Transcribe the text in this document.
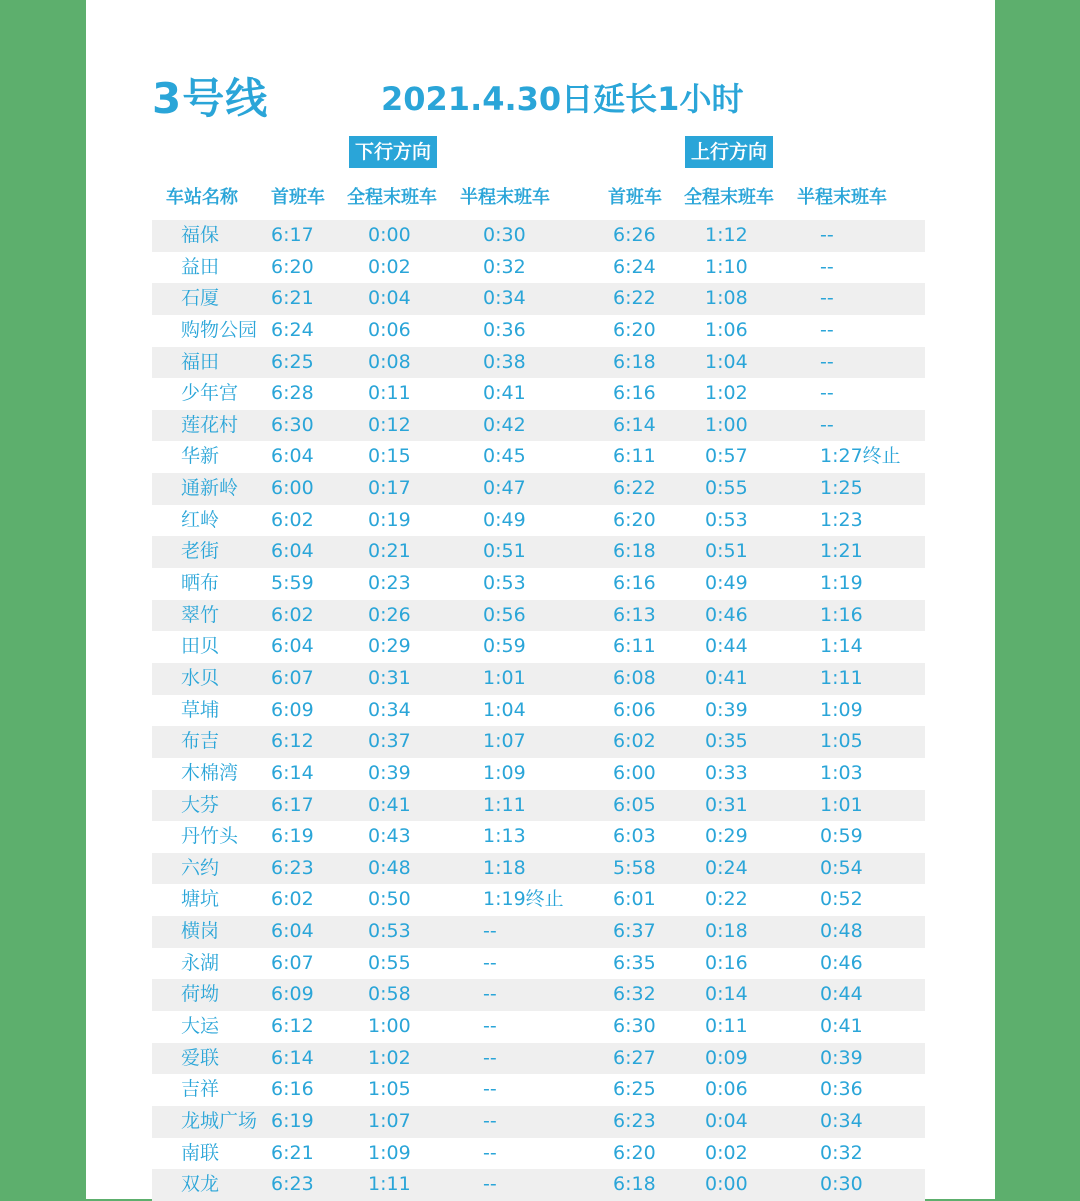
3号线	2021.4.30日延长1小时
下行方向	上行方向
车站名称 首班车 全程末班车 半程末班车	首班车 全程末班车 半程末班车
福保	6:17	0:00	0:30	6:26	1:12	--
益田	6:20	0:02	0:32	6:24	1:10	--
石厦	6:21	0:04	0:34	6:22	1:08	--
购物公园 6:24	0:06	0:36	6:20	1:06	--
福田	6:25	0:08	0:38	6:18	1:04	--
少年宫 6:28	0:11	0:41	6:16	1:02	--
莲花村 6:30	0:12	0:42	6:14	1:00	--
华新	6:04	0:15	0:45	6:11	0:57	1:27终止
通新岭 6:00	0:17	0:47	6:22	0:55	1:25
红岭	6:02	0:19	0:49	6:20	0:53	1:23
老街	6:04	0:21	0:51	6:18	0:51	1:21
晒布	5:59	0:23	0:53	6:16	0:49	1:19
翠竹	6:02	0:26	0:56	6:13	0:46	1:16
田贝	6:04	0:29	0:59	6:11	0:44	1:14
水贝	6:07	0:31	1:01	6:08	0:41	1:11
草埔	6:09	0:34	1:04	6:06	0:39	1:09
布吉	6:12	0:37	1:07	6:02	0:35	1:05
木棉湾 6:14	0:39	1:09	6:00	0:33	1:03
大芬	6:17	0:41	1:11	6:05	0:31	1:01
丹竹头 6:19	0:43	1:13	6:03	0:29	0:59
六约	6:23	0:48	1:18	5:58	0:24	0:54
塘坑	6:02	0:50	1:19终止	6:01	0:22	0:52
横岗	6:04	0:53	--	6:37	0:18	0:48
永湖	6:07	0:55	--	6:35	0:16	0:46
荷坳	6:09	0:58	--	6:32	0:14	0:44
大运	6:12	1:00	--	6:30	0:11	0:41
爱联	6:14	1:02	--	6:27	0:09	0:39
吉祥	6:16	1:05	--	6:25	0:06	0:36
龙城广场 6:19	1:07	--	6:23	0:04	0:34
南联	6:21	1:09	--	6:20	0:02	0:32
双龙	6:23	1:11	--	6:18	0:00	0:30
